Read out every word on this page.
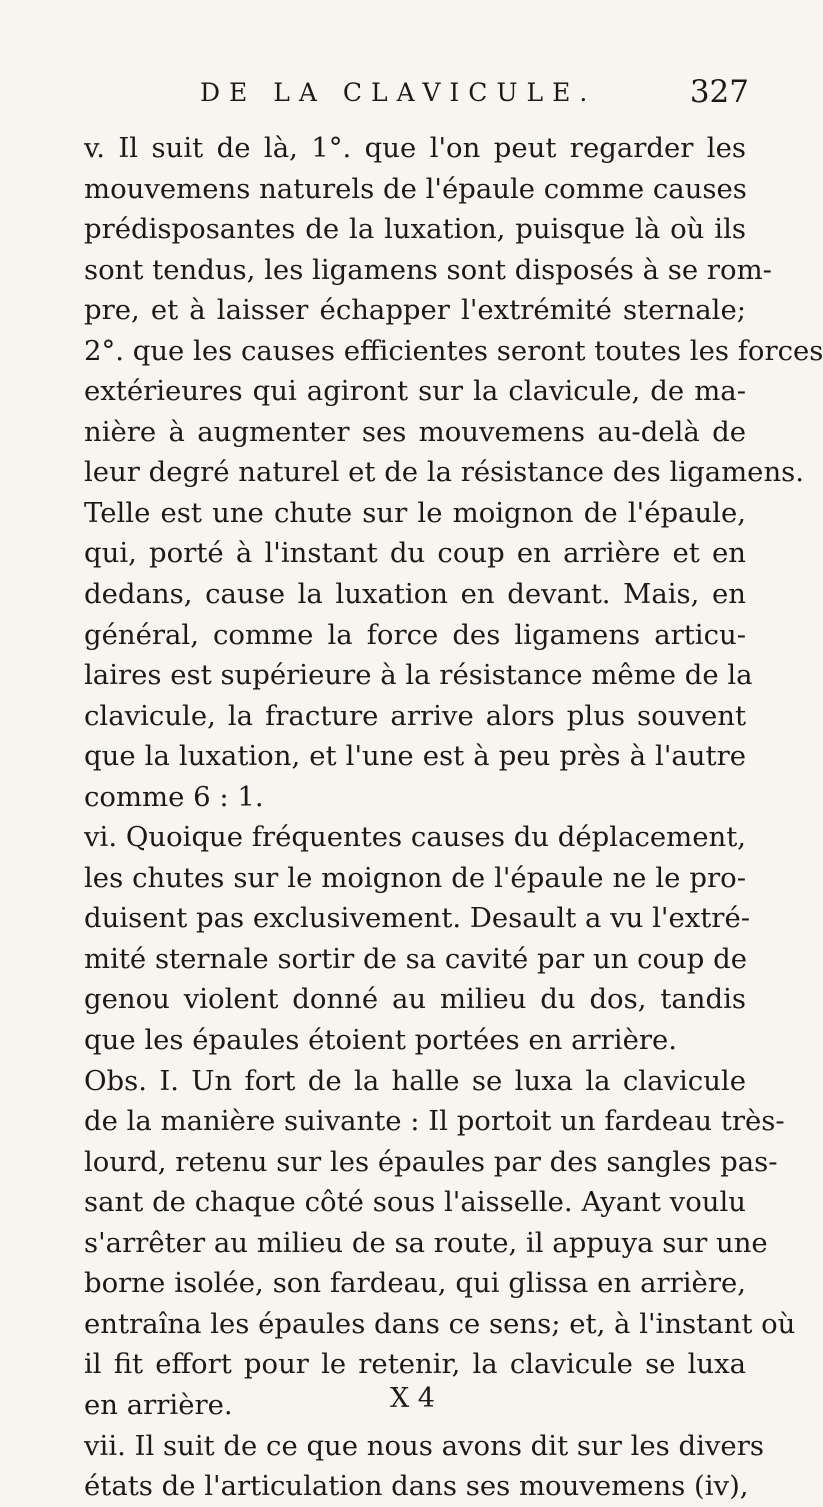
DE LA CLAVICULE.	327
v. Il suit de là, 1°. que l'on peut regarder les
mouvemens naturels de l'épaule comme causes
prédisposantes de la luxation, puisque là où ils
sont tendus, les ligamens sont disposés à se rom-
pre, et à laisser échapper l'extrémité sternale;
2°. que les causes efficientes seront toutes les forces
extérieures qui agiront sur la clavicule, de ma-
nière à augmenter ses mouvemens au-delà de
leur degré naturel et de la résistance des ligamens.
Telle est une chute sur le moignon de l'épaule,
qui, porté à l'instant du coup en arrière et en
dedans, cause la luxation en devant. Mais, en
général, comme la force des ligamens articu-
laires est supérieure à la résistance même de la
clavicule, la fracture arrive alors plus souvent
que la luxation, et l'une est à peu près à l'autre
comme 6 : 1.
vi. Quoique fréquentes causes du déplacement,
les chutes sur le moignon de l'épaule ne le pro-
duisent pas exclusivement. Desault a vu l'extré-
mité sternale sortir de sa cavité par un coup de
genou violent donné au milieu du dos, tandis
que les épaules étoient portées en arrière.
Obs. I. Un fort de la halle se luxa la clavicule
de la manière suivante : Il portoit un fardeau très-
lourd, retenu sur les épaules par des sangles pas-
sant de chaque côté sous l'aisselle. Ayant voulu
s'arrêter au milieu de sa route, il appuya sur une
borne isolée, son fardeau, qui glissa en arrière,
entraîna les épaules dans ce sens; et, à l'instant où
il fit effort pour le retenir, la clavicule se luxa
en arrière.
vii. Il suit de ce que nous avons dit sur les divers
états de l'articulation dans ses mouvemens (iv),
X 4
